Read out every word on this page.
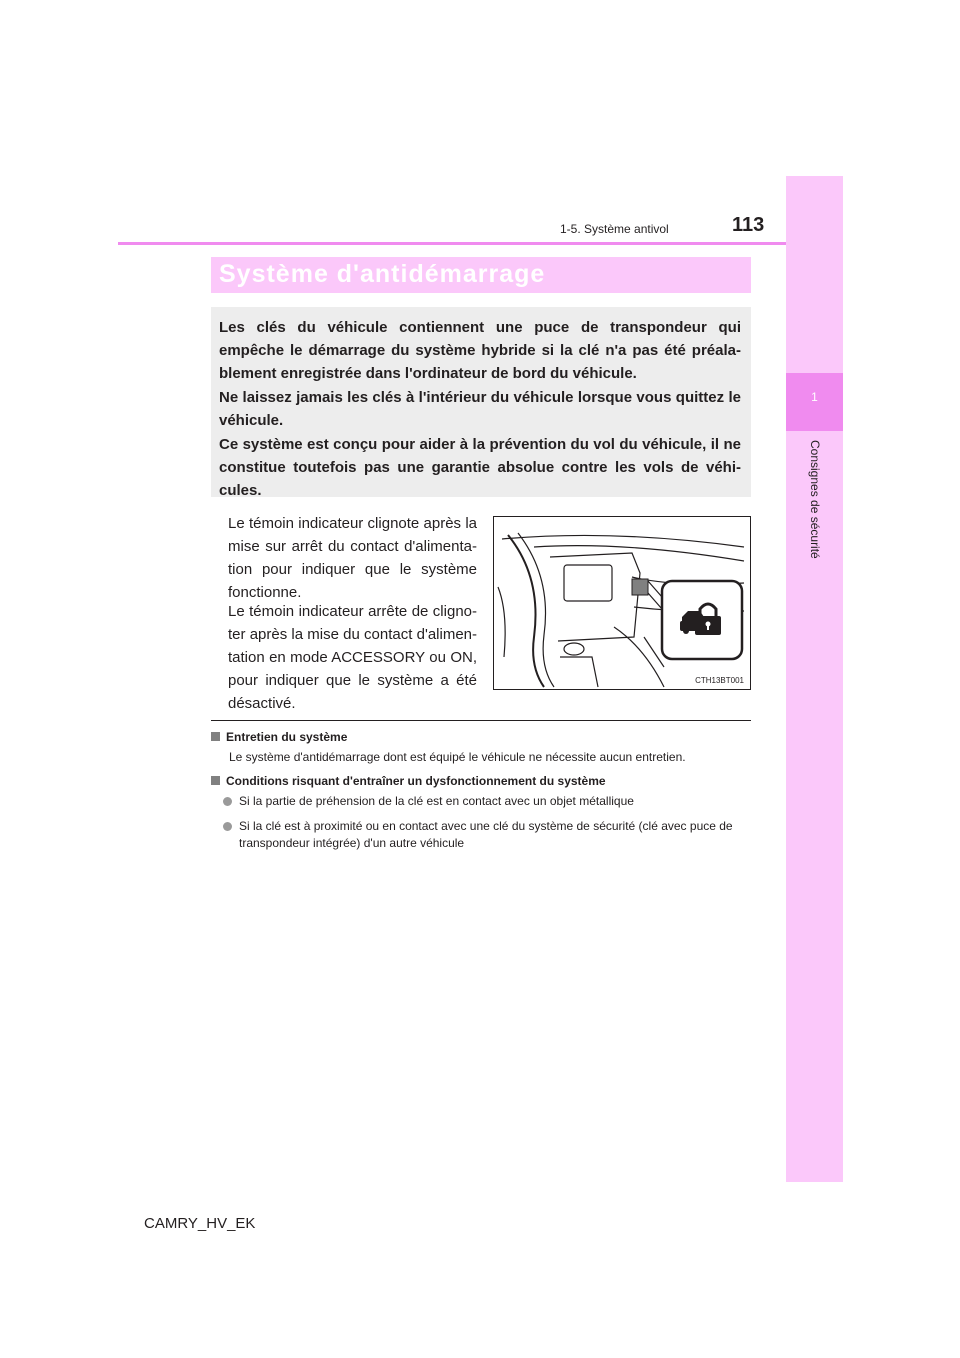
1
Consignes de sécurité
1-5. Système antivol	113
Système d'antidémarrage

Les clés du véhicule contiennent une puce de transpondeur qui empêche le démarrage du système hybride si la clé n'a pas été préala-blement enregistrée dans l'ordinateur de bord du véhicule.

Ne laissez jamais les clés à l'intérieur du véhicule lorsque vous quittez le véhicule.

Ce système est conçu pour aider à la prévention du vol du véhicule, il ne constitue toutefois pas une garantie absolue contre les vols de véhi-cules.

Le témoin indicateur clignote après la mise sur arrêt du contact d'alimenta-tion pour indiquer que le système fonctionne.

Le témoin indicateur arrête de cligno-ter après la mise du contact d'alimen-tation en mode ACCESSORY ou ON, pour indiquer que le système a été désactivé.

CTH13BT001
Entretien du système
Le système d'antidémarrage dont est équipé le véhicule ne nécessite aucun entretien.
Conditions risquant d'entraîner un dysfonctionnement du système
Si la partie de préhension de la clé est en contact avec un objet métallique
Si la clé est à proximité ou en contact avec une clé du système de sécurité (clé avec puce de transpondeur intégrée) d'un autre véhicule
CAMRY_HV_EK
